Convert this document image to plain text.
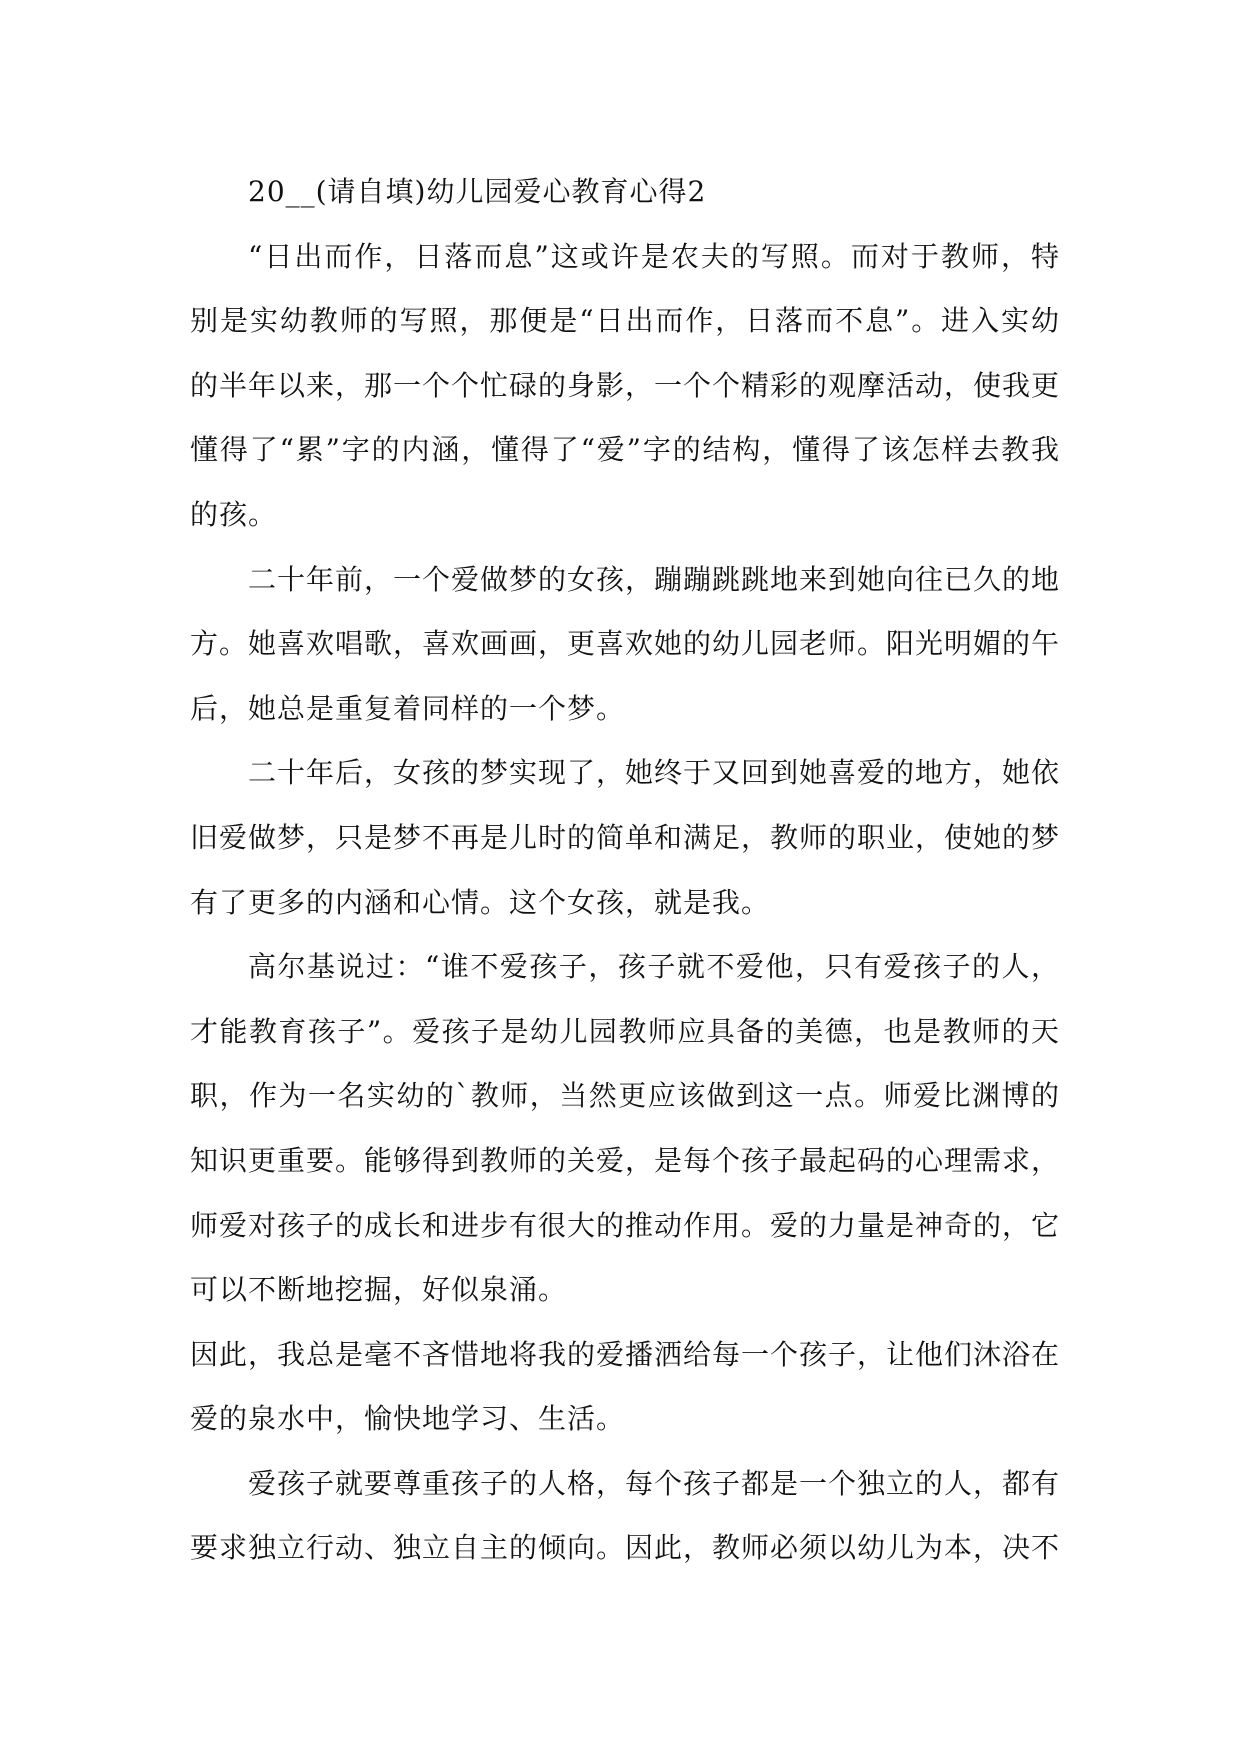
20__(请自填)幼儿园爱心教育心得2

“日出而作，日落而息”这或许是农夫的写照。而对于教师，特别是实幼教师的写照，那便是“日出而作，日落而不息”。进入实幼的半年以来，那一个个忙碌的身影，一个个精彩的观摩活动，使我更懂得了“累”字的内涵，懂得了“爱”字的结构，懂得了该怎样去教我的孩。

二十年前，一个爱做梦的女孩，蹦蹦跳跳地来到她向往已久的地方。她喜欢唱歌，喜欢画画，更喜欢她的幼儿园老师。阳光明媚的午后，她总是重复着同样的一个梦。

二十年后，女孩的梦实现了，她终于又回到她喜爱的地方，她依旧爱做梦，只是梦不再是儿时的简单和满足，教师的职业，使她的梦有了更多的内涵和心情。这个女孩，就是我。

高尔基说过：“谁不爱孩子，孩子就不爱他，只有爱孩子的人，才能教育孩子”。爱孩子是幼儿园教师应具备的美德，也是教师的天职，作为一名实幼的`教师，当然更应该做到这一点。师爱比渊博的知识更重要。能够得到教师的关爱，是每个孩子最起码的心理需求，师爱对孩子的成长和进步有很大的推动作用。爱的力量是神奇的，它可以不断地挖掘，好似泉涌。

因此，我总是毫不吝惜地将我的爱播洒给每一个孩子，让他们沐浴在爱的泉水中，愉快地学习、生活。

爱孩子就要尊重孩子的人格，每个孩子都是一个独立的人，都有要求独立行动、独立自主的倾向。因此，教师必须以幼儿为本，决不
